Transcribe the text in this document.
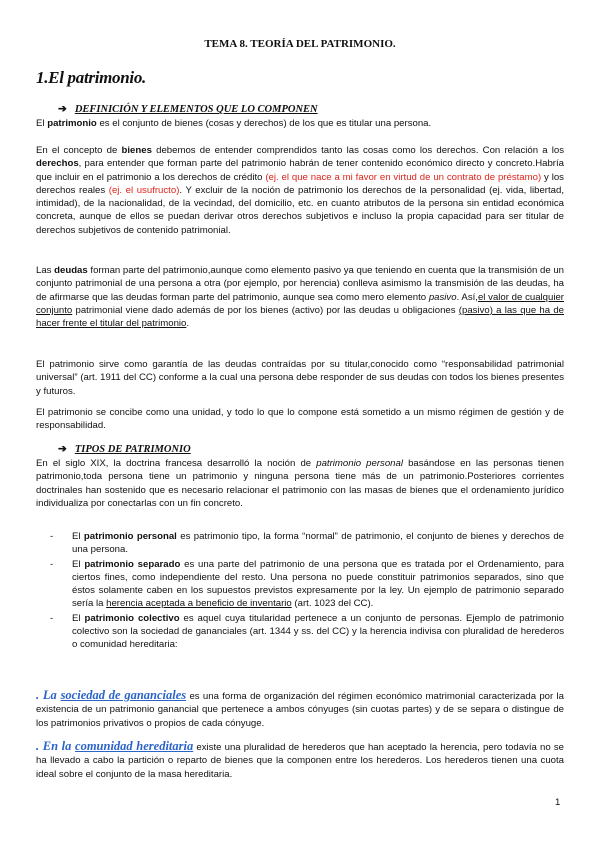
TEMA 8. TEORÍA DEL PATRIMONIO.
1.El patrimonio.
➔ DEFINICIÓN Y ELEMENTOS QUE LO COMPONEN
El patrimonio es el conjunto de bienes (cosas y derechos) de los que es titular una persona.
En el concepto de bienes debemos de entender comprendidos tanto las cosas como los derechos. Con relación a los derechos, para entender que forman parte del patrimonio habrán de tener contenido económico directo y concreto.Habría que incluir en el patrimonio a los derechos de crédito (ej. el que nace a mi favor en virtud de un contrato de préstamo) y los derechos reales (ej. el usufructo). Y excluir de la noción de patrimonio los derechos de la personalidad (ej. vida, libertad, intimidad), de la nacionalidad, de la vecindad, del domicilio, etc. en cuanto atributos de la persona sin entidad económica concreta, aunque de ellos se puedan derivar otros derechos subjetivos e incluso la propia capacidad para ser titular de derechos subjetivos de contenido patrimonial.
Las deudas forman parte del patrimonio,aunque como elemento pasivo ya que teniendo en cuenta que la transmisión de un conjunto patrimonial de una persona a otra (por ejemplo, por herencia) conlleva asimismo la transmisión de las deudas, ha de afirmarse que las deudas forman parte del patrimonio, aunque sea como mero elemento pasivo. Así,el valor de cualquier conjunto patrimonial viene dado además de por los bienes (activo) por las deudas u obligaciones (pasivo) a las que ha de hacer frente el titular del patrimonio.
El patrimonio sirve como garantía de las deudas contraídas por su titular,conocido como “responsabilidad patrimonial universal” (art. 1911 del CC) conforme a la cual una persona debe responder de sus deudas con todos los bienes presentes y futuros.
El patrimonio se concibe como una unidad, y todo lo que lo compone está sometido a un mismo régimen de gestión y de responsabilidad.
➔ TIPOS DE PATRIMONIO
En el siglo XIX, la doctrina francesa desarrolló la noción de patrimonio personal basándose en las personas tienen patrimonio,toda persona tiene un patrimonio y ninguna persona tiene más de un patrimonio.Posteriores corrientes doctrinales han sostenido que es necesario relacionar el patrimonio con las masas de bienes que el ordenamiento jurídico individualiza por conectarlas con un fin concreto.
- El patrimonio personal es patrimonio tipo, la forma “normal” de patrimonio, el conjunto de bienes y derechos de una persona.
- El patrimonio separado es una parte del patrimonio de una persona que es tratada por el Ordenamiento, para ciertos fines, como independiente del resto. Una persona no puede constituir patrimonios separados, sino que éstos solamente caben en los supuestos previstos expresamente por la ley. Un ejemplo de patrimonio separado sería la herencia aceptada a beneficio de inventario (art. 1023 del CC).
- El patrimonio colectivo es aquel cuya titularidad pertenece a un conjunto de personas. Ejemplo de patrimonio colectivo son la sociedad de gananciales (art. 1344 y ss. del CC) y la herencia indivisa con pluralidad de herederos o comunidad hereditaria:
. La sociedad de gananciales es una forma de organización del régimen económico matrimonial caracterizada por la existencia de un patrimonio ganancial que pertenece a ambos cónyuges (sin cuotas partes) y de se separa o distingue de los patrimonios privativos o propios de cada cónyuge.
. En la comunidad hereditaria existe una pluralidad de herederos que han aceptado la herencia, pero todavía no se ha llevado a cabo la partición o reparto de bienes que la componen entre los herederos. Los herederos tienen una cuota ideal sobre el conjunto de la masa hereditaria.
1
